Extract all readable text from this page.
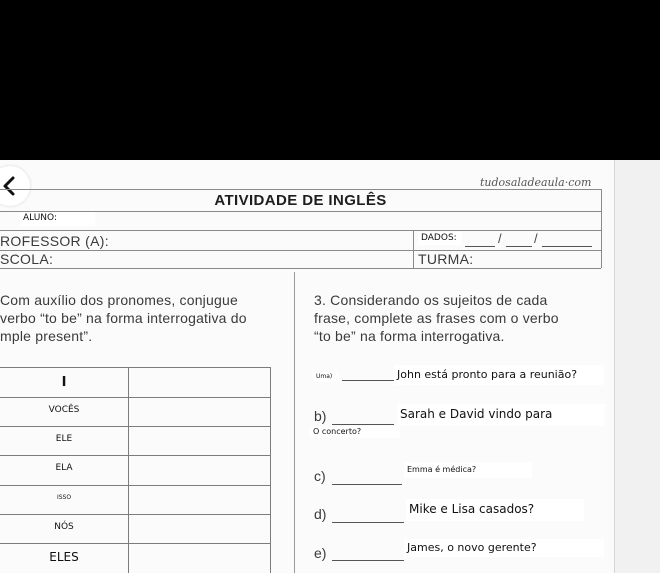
tudosaladeaula·com
ATIVIDADE DE INGLÊS
ALUNO:
ROFESSOR (A):
SCOLA:
DADOS:	/ /
TURMA:
Com auxílio dos pronomes, conjugue
verbo “to be” na forma interrogativa do
mple present”.
I
VOCÊS
ELE
ELA
ISSO
NÓS
ELES
3. Considerando os sujeitos de cada
frase, complete as frases com o verbo
“to be” na forma interrogativa.
Uma)	John está pronto para a reunião?
b)	Sarah e David vindo para
O concerto?
c)	Emma é médica?
d)	Mike e Lisa casados?
e)	James, o novo gerente?
